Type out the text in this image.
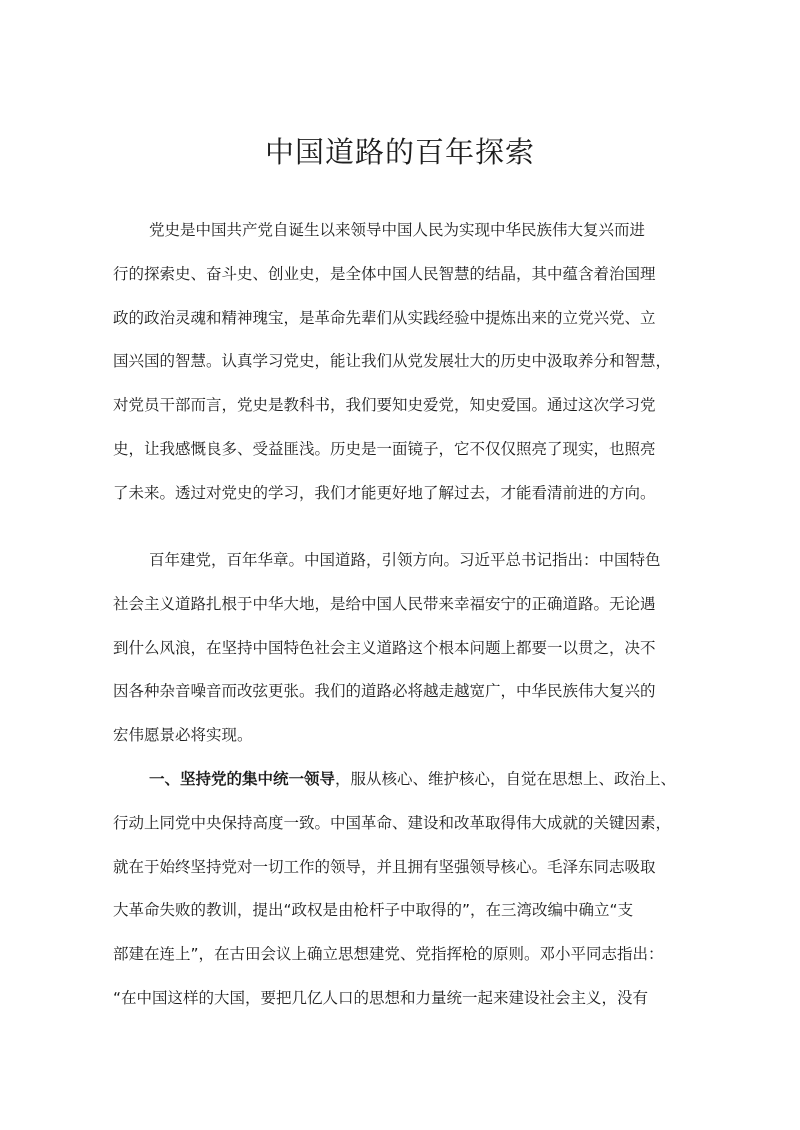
中国道路的百年探索
党史是中国共产党自诞生以来领导中国人民为实现中华民族伟大复兴而进
行的探索史、奋斗史、创业史，是全体中国人民智慧的结晶，其中蕴含着治国理
政的政治灵魂和精神瑰宝，是革命先辈们从实践经验中提炼出来的立党兴党、立
国兴国的智慧。认真学习党史，能让我们从党发展壮大的历史中汲取养分和智慧，
对党员干部而言，党史是教科书，我们要知史爱党，知史爱国。通过这次学习党
史，让我感慨良多、受益匪浅。历史是一面镜子，它不仅仅照亮了现实，也照亮
了未来。透过对党史的学习，我们才能更好地了解过去，才能看清前进的方向。
百年建党，百年华章。中国道路，引领方向。习近平总书记指出：中国特色
社会主义道路扎根于中华大地，是给中国人民带来幸福安宁的正确道路。无论遇
到什么风浪，在坚持中国特色社会主义道路这个根本问题上都要一以贯之，决不
因各种杂音噪音而改弦更张。我们的道路必将越走越宽广，中华民族伟大复兴的
宏伟愿景必将实现。
一、坚持党的集中统一领导，服从核心、维护核心，自觉在思想上、政治上、
行动上同党中央保持高度一致。中国革命、建设和改革取得伟大成就的关键因素，
就在于始终坚持党对一切工作的领导，并且拥有坚强领导核心。毛泽东同志吸取
大革命失败的教训，提出“政权是由枪杆子中取得的”，在三湾改编中确立“支
部建在连上”，在古田会议上确立思想建党、党指挥枪的原则。邓小平同志指出：
“在中国这样的大国，要把几亿人口的思想和力量统一起来建设社会主义，没有
